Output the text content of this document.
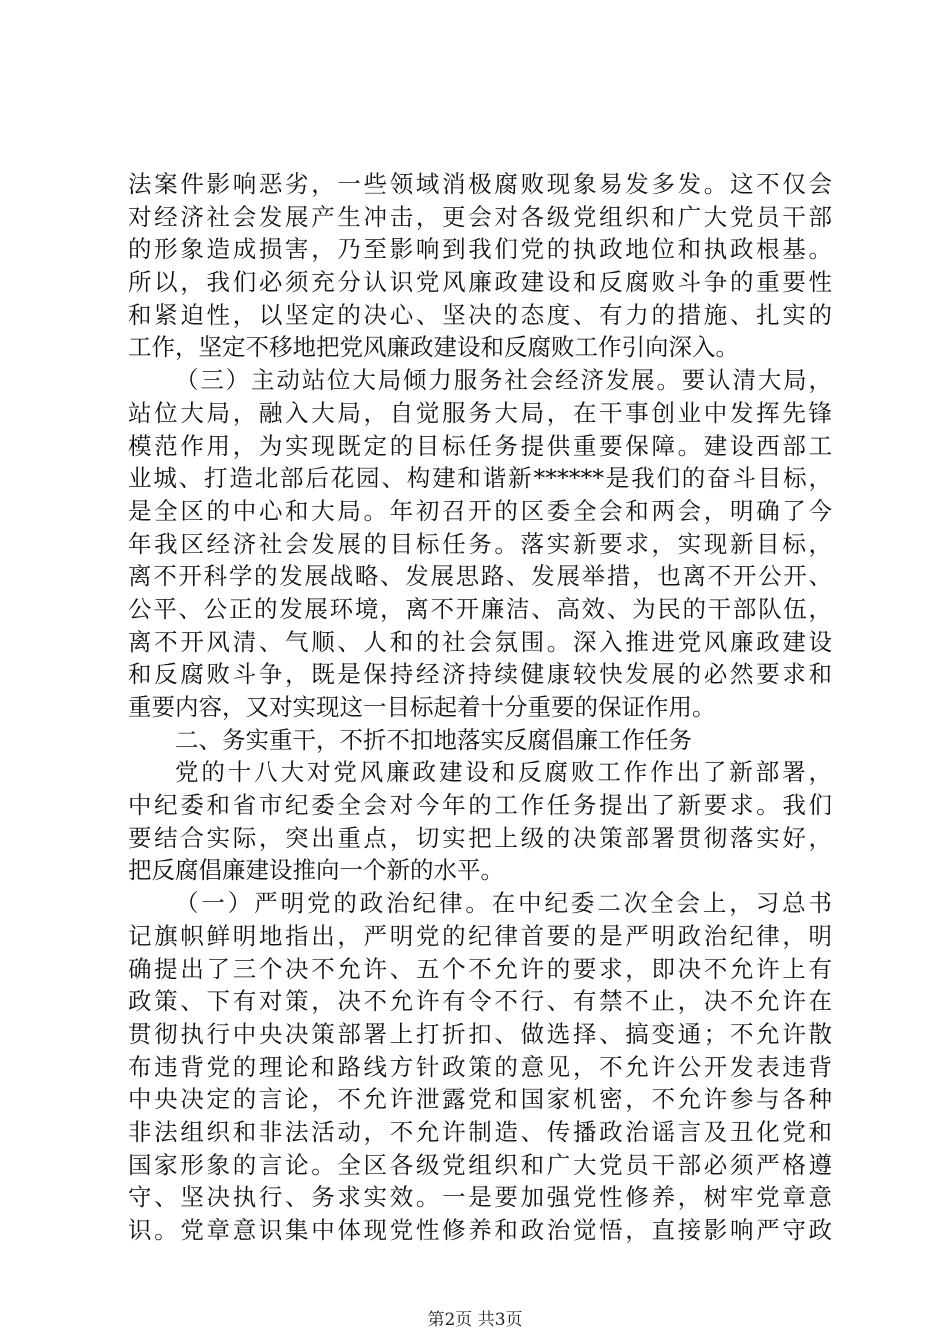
法案件影响恶劣，一些领域消极腐败现象易发多发。这不仅会
对经济社会发展产生冲击，更会对各级党组织和广大党员干部
的形象造成损害，乃至影响到我们党的执政地位和执政根基。
所以，我们必须充分认识党风廉政建设和反腐败斗争的重要性
和紧迫性，以坚定的决心、坚决的态度、有力的措施、扎实的
工作，坚定不移地把党风廉政建设和反腐败工作引向深入。
（三）主动站位大局倾力服务社会经济发展。要认清大局，
站位大局，融入大局，自觉服务大局，在干事创业中发挥先锋
模范作用，为实现既定的目标任务提供重要保障。建设西部工
业城、打造北部后花园、构建和谐新******是我们的奋斗目标，
是全区的中心和大局。年初召开的区委全会和两会，明确了今
年我区经济社会发展的目标任务。落实新要求，实现新目标，
离不开科学的发展战略、发展思路、发展举措，也离不开公开、
公平、公正的发展环境，离不开廉洁、高效、为民的干部队伍，
离不开风清、气顺、人和的社会氛围。深入推进党风廉政建设
和反腐败斗争，既是保持经济持续健康较快发展的必然要求和
重要内容，又对实现这一目标起着十分重要的保证作用。
二、务实重干，不折不扣地落实反腐倡廉工作任务
党的十八大对党风廉政建设和反腐败工作作出了新部署，
中纪委和省市纪委全会对今年的工作任务提出了新要求。我们
要结合实际，突出重点，切实把上级的决策部署贯彻落实好，
把反腐倡廉建设推向一个新的水平。
（一）严明党的政治纪律。在中纪委二次全会上，习总书
记旗帜鲜明地指出，严明党的纪律首要的是严明政治纪律，明
确提出了三个决不允许、五个不允许的要求，即决不允许上有
政策、下有对策，决不允许有令不行、有禁不止，决不允许在
贯彻执行中央决策部署上打折扣、做选择、搞变通；不允许散
布违背党的理论和路线方针政策的意见，不允许公开发表违背
中央决定的言论，不允许泄露党和国家机密，不允许参与各种
非法组织和非法活动，不允许制造、传播政治谣言及丑化党和
国家形象的言论。全区各级党组织和广大党员干部必须严格遵
守、坚决执行、务求实效。一是要加强党性修养，树牢党章意
识。党章意识集中体现党性修养和政治觉悟，直接影响严守政
第2页 共3页
